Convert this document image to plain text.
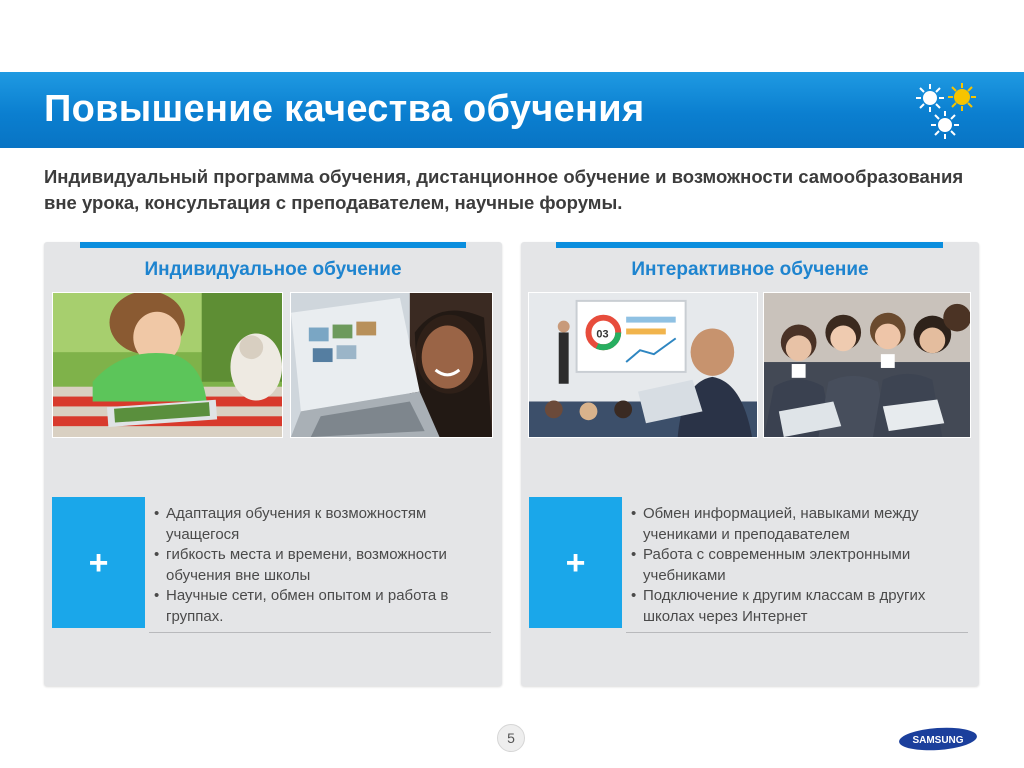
Повышение качества обучения
Индивидуальный программа обучения, дистанционное обучение и возможности самообразования вне урока, консультация с преподавателем, научные форумы.
Индивидуальное обучение
+
• Адаптация обучения к возможностям учащегося
• гибкость места и времени, возможности обучения вне школы
• Научные сети, обмен опытом и работа в группах.
Интерактивное обучение
03
+
• Обмен информацией, навыками между учениками и преподавателем
• Работа с современным электронными учебниками
• Подключение к другим классам в других школах через Интернет
5	SAMSUNG
